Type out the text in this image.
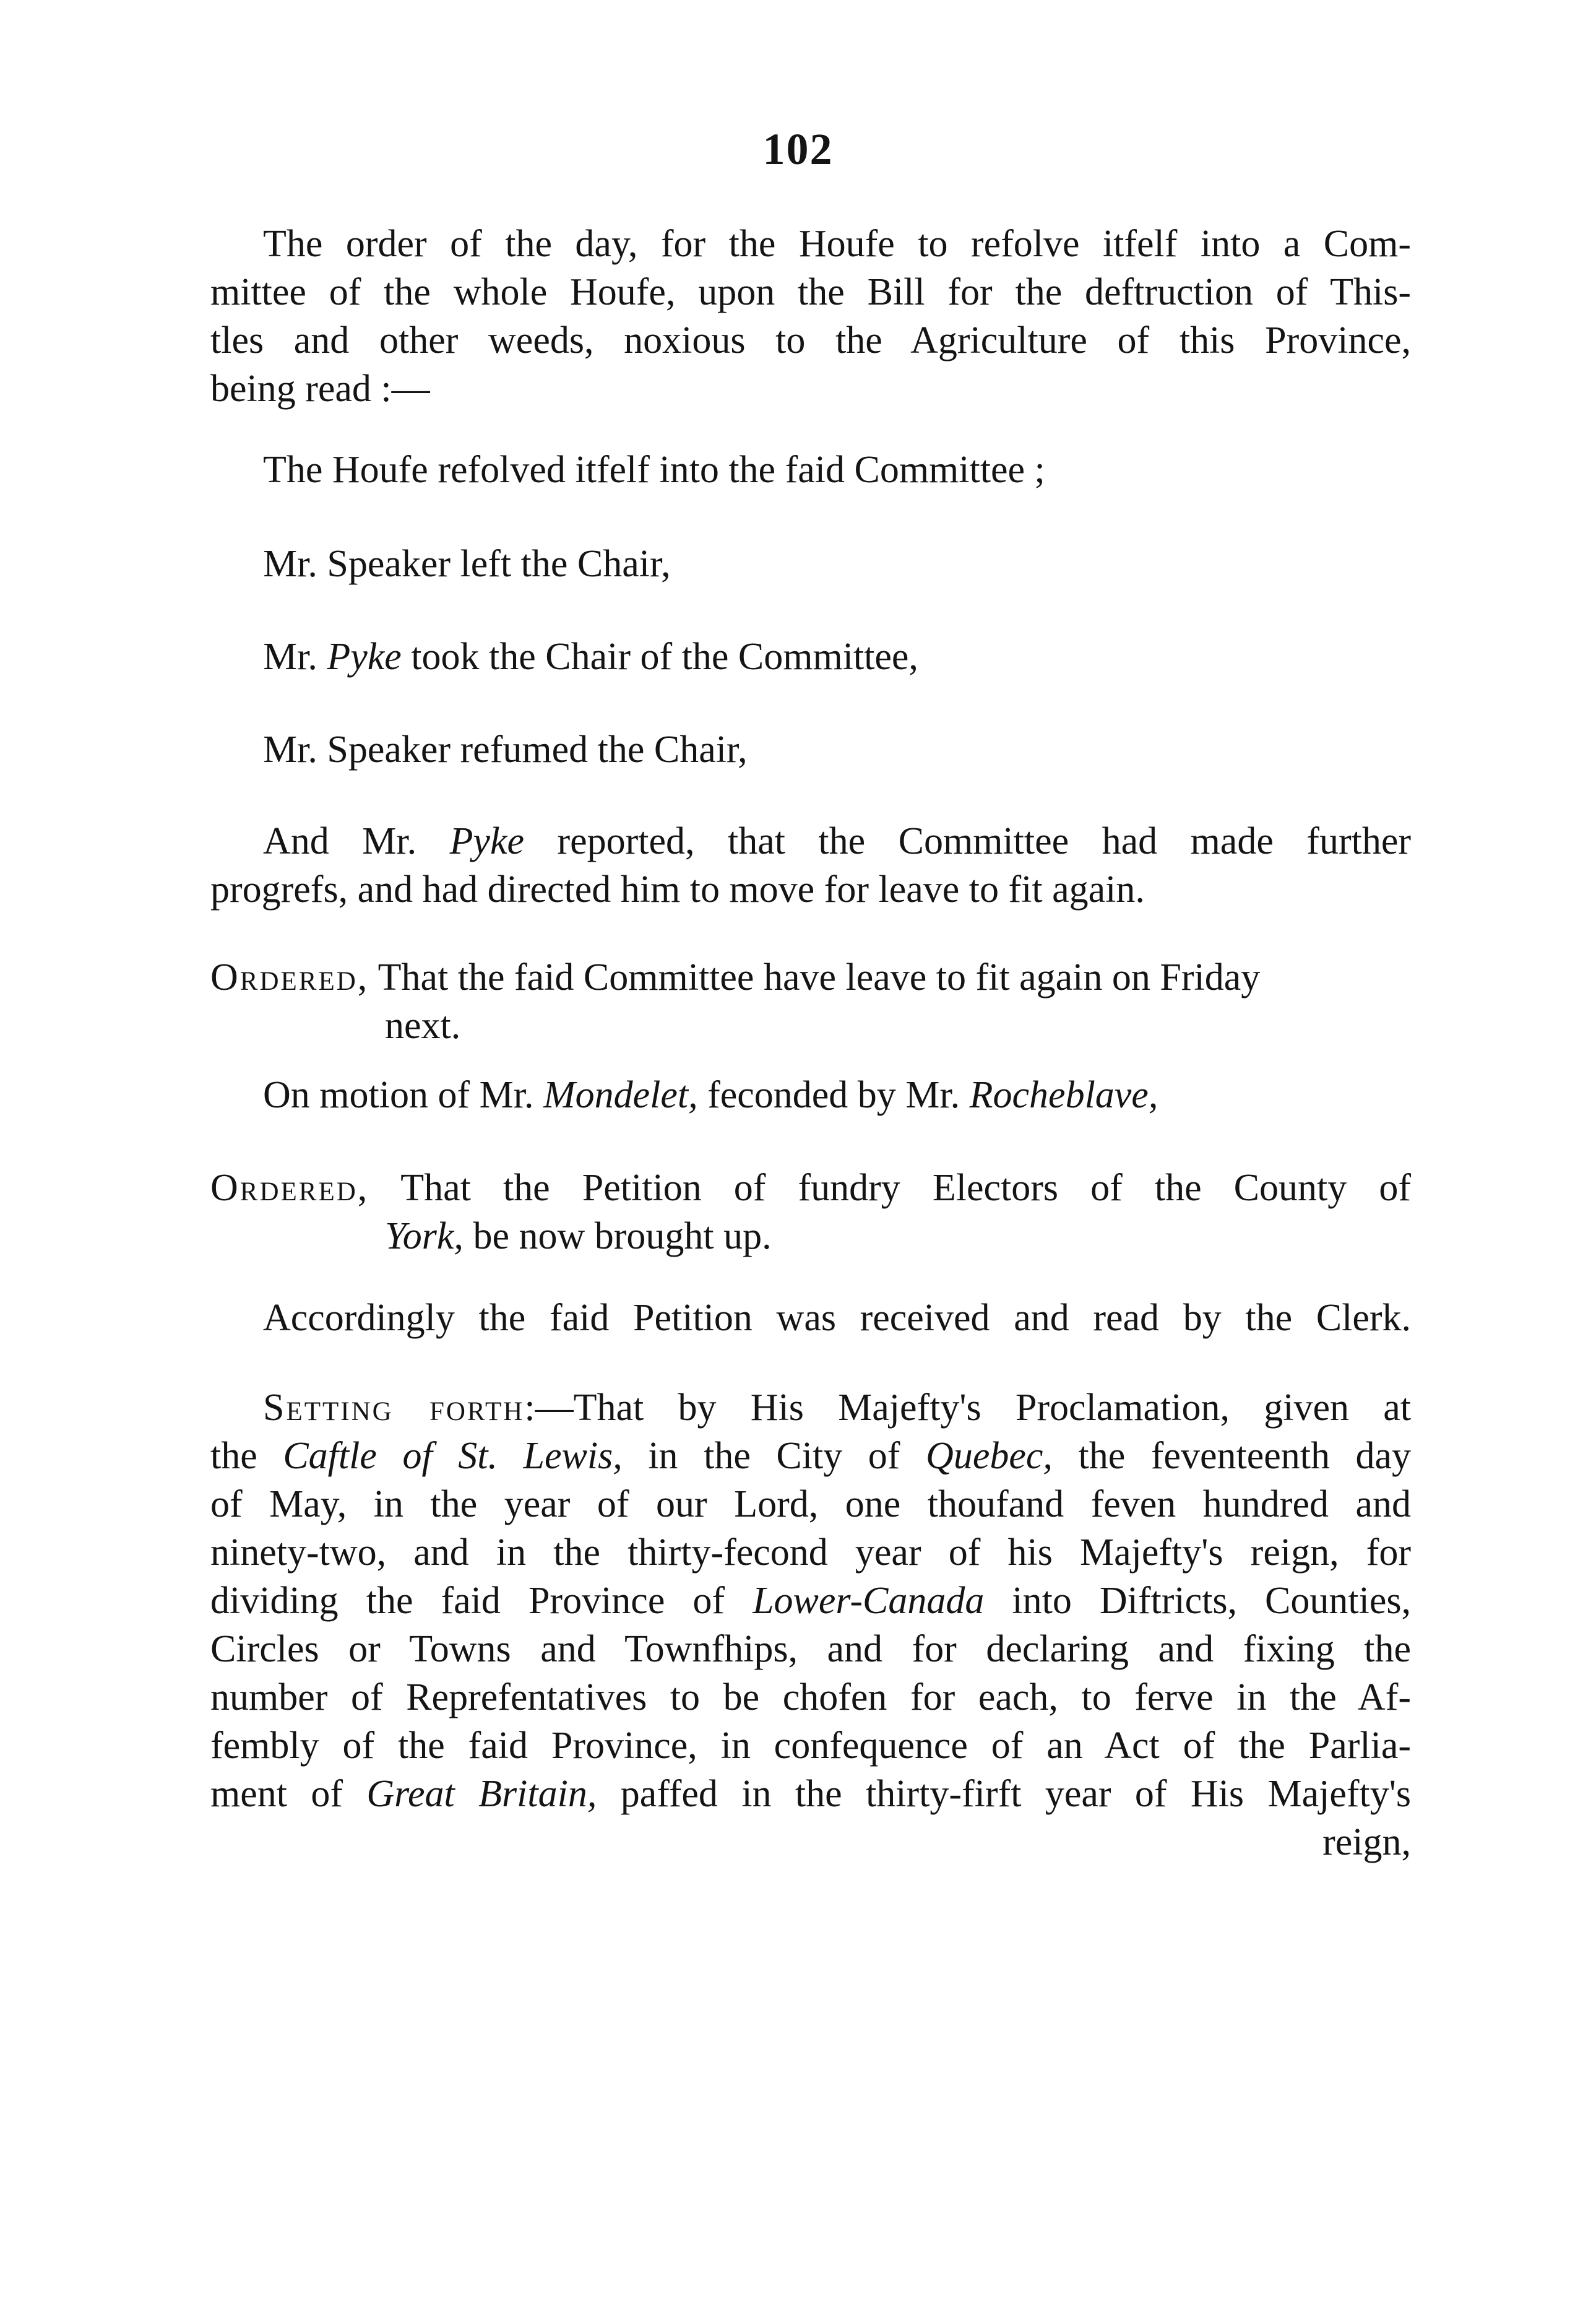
102
The order of the day, for the Houfe to refolve itfelf into a Com-
mittee of the whole Houfe, upon the Bill for the deftruction of This-
tles and other weeds, noxious to the Agriculture of this Province,
being read :—
The Houfe refolved itfelf into the faid Committee ;
Mr. Speaker left the Chair,
Mr. Pyke took the Chair of the Committee,
Mr. Speaker refumed the Chair,
And Mr. Pyke reported, that the Committee had made further
progrefs, and had directed him to move for leave to fit again.
Ordered, That the faid Committee have leave to fit again on Friday
next.
On motion of Mr. Mondelet, feconded by Mr. Rocheblave,
Ordered, That the Petition of fundry Electors of the County of
York, be now brought up.
Accordingly the faid Petition was received and read by the Clerk.
Setting forth:—That by His Majefty's Proclamation, given at
the Caftle of St. Lewis, in the City of Quebec, the feventeenth day
of May, in the year of our Lord, one thoufand feven hundred and
ninety-two, and in the thirty-fecond year of his Majefty's reign, for
dividing the faid Province of Lower-Canada into Diftricts, Counties,
Circles or Towns and Townfhips, and for declaring and fixing the
number of Reprefentatives to be chofen for each, to ferve in the Af-
fembly of the faid Province, in confequence of an Act of the Parlia-
ment of Great Britain, paffed in the thirty-firft year of His Majefty's
reign,
